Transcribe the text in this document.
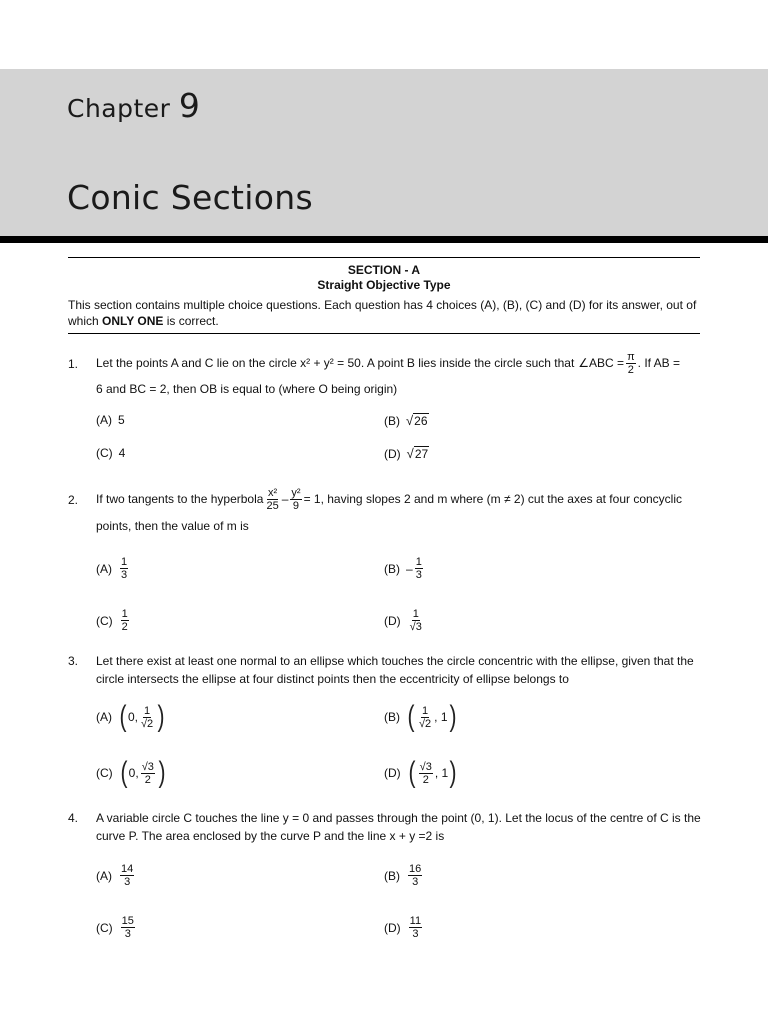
Chapter 9
Conic Sections
SECTION - A
Straight Objective Type
This section contains multiple choice questions. Each question has 4 choices (A), (B), (C) and (D) for its answer, out of which ONLY ONE is correct.
1. Let the points A and C lie on the circle x² + y² = 50. A point B lies inside the circle such that ∠ABC = $\frac{\pi}{2}$ . If AB =
6 and BC = 2, then OB is equal to (where O being origin)
(A) 5	(B) √ 26
(C) 4	(D) √ 27
2. If two tangents to the hyperbola $\frac{\text{x²}}{25} - \frac{\text{y²}}{9} = 1$ , having slopes 2 and m where (m ≠ 2) cut the axes at four concyclic
points, then the value of m is
$(A) \frac{1}{3}$	$(B) - \frac{1}{3}$
$(C) \frac{1}{2}$	$(D) \frac{1}{√3}$
3. Let there exist at least one normal to an ellipse which touches the circle concentric with the ellipse, given that the
circle intersects the ellipse at four distinct points then the eccentricity of ellipse belongs to
(A) ( 0, $\frac{1}{√2}$ )	(B) ( $\frac{1}{√2}$ , 1 )
(C) ( 0, $\frac{√3}{2}$ )	(D) ( $\frac{√3}{2}$ , 1 )
4. A variable circle C touches the line y = 0 and passes through the point (0, 1). Let the locus of the centre of C is the
curve P. The area enclosed by the curve P and the line x + y =2 is
$(A) \frac{14}{3}$	$(B) \frac{16}{3}$
$(C) \frac{15}{3}$	$(D) \frac{11}{3}$
